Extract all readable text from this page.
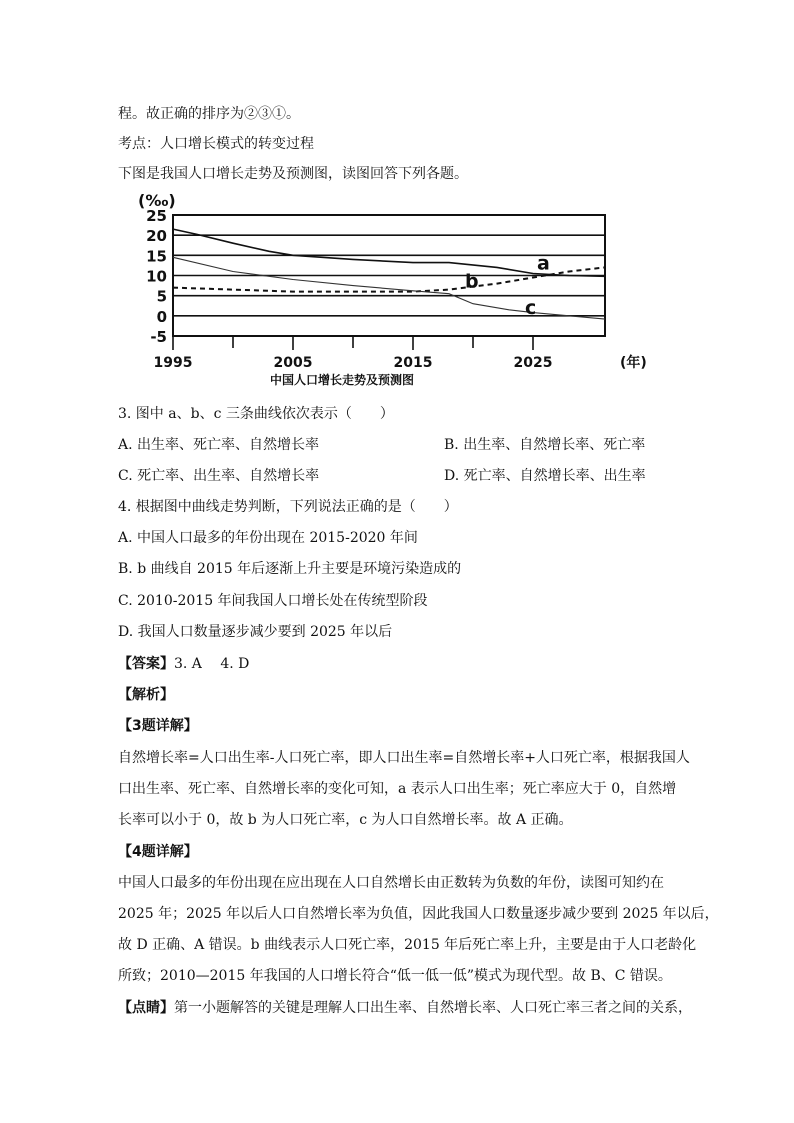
程。故正确的排序为②③①。
考点：人口增长模式的转变过程
下图是我国人口增长走势及预测图，读图回答下列各题。
25
20
15
10
5
0
-5
1995	2005	2015	2025
a
b
c
(‰)
(年)
中国人口增长走势及预测图
3. 图中 a、b、c 三条曲线依次表示（　　）
A. 出生率、死亡率、自然增长率	B. 出生率、自然增长率、死亡率
C. 死亡率、出生率、自然增长率	D. 死亡率、自然增长率、出生率
4. 根据图中曲线走势判断，下列说法正确的是（　　）
A. 中国人口最多的年份出现在 2015-2020 年间
B. b 曲线自 2015 年后逐渐上升主要是环境污染造成的
C. 2010-2015 年间我国人口增长处在传统型阶段
D. 我国人口数量逐步减少要到 2025 年以后
【答案】3. A　 4. D
【解析】
【3题详解】
自然增长率=人口出生率-人口死亡率，即人口出生率=自然增长率+人口死亡率，根据我国人
口出生率、死亡率、自然增长率的变化可知，a 表示人口出生率；死亡率应大于 0，自然增
长率可以小于 0，故 b 为人口死亡率，c 为人口自然增长率。故 A 正确。
【4题详解】
中国人口最多的年份出现在应出现在人口自然增长由正数转为负数的年份，读图可知约在
2025 年；2025 年以后人口自然增长率为负值，因此我国人口数量逐步减少要到 2025 年以后，
故 D 正确、A 错误。b 曲线表示人口死亡率，2015 年后死亡率上升，主要是由于人口老龄化
所致；2010—2015 年我国的人口增长符合“低一低一低”模式为现代型。故 B、C 错误。
【点睛】第一小题解答的关键是理解人口出生率、自然增长率、人口死亡率三者之间的关系，
